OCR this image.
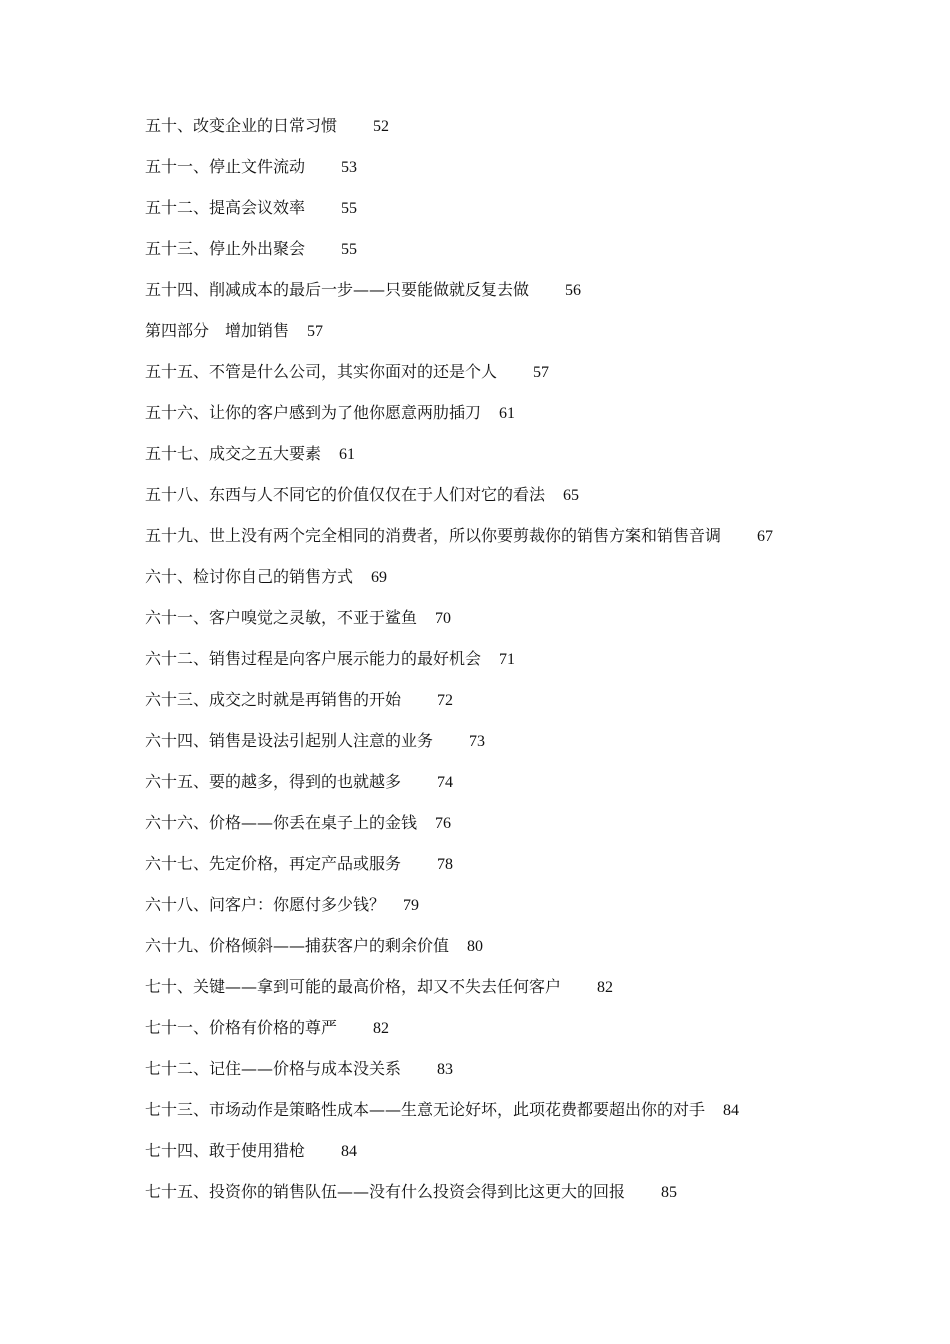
五十、改变企业的日常习惯 52
五十一、停止文件流动 53
五十二、提高会议效率 55
五十三、停止外出聚会 55
五十四、削减成本的最后一步——只要能做就反复去做 56
第四部分　增加销售 57
五十五、不管是什么公司，其实你面对的还是个人 57
五十六、让你的客户感到为了他你愿意两肋插刀 61
五十七、成交之五大要素 61
五十八、东西与人不同它的价值仅仅在于人们对它的看法 65
五十九、世上没有两个完全相同的消费者，所以你要剪裁你的销售方案和销售音调 67
六十、检讨你自己的销售方式 69
六十一、客户嗅觉之灵敏，不亚于鲨鱼 70
六十二、销售过程是向客户展示能力的最好机会 71
六十三、成交之时就是再销售的开始 72
六十四、销售是设法引起别人注意的业务 73
六十五、要的越多，得到的也就越多 74
六十六、价格——你丢在桌子上的金钱 76
六十七、先定价格，再定产品或服务 78
六十八、问客户：你愿付多少钱？ 79
六十九、价格倾斜——捕获客户的剩余价值 80
七十、关键——拿到可能的最高价格，却又不失去任何客户 82
七十一、价格有价格的尊严 82
七十二、记住——价格与成本没关系 83
七十三、市场动作是策略性成本——生意无论好坏，此项花费都要超出你的对手 84
七十四、敢于使用猎枪 84
七十五、投资你的销售队伍——没有什么投资会得到比这更大的回报 85
